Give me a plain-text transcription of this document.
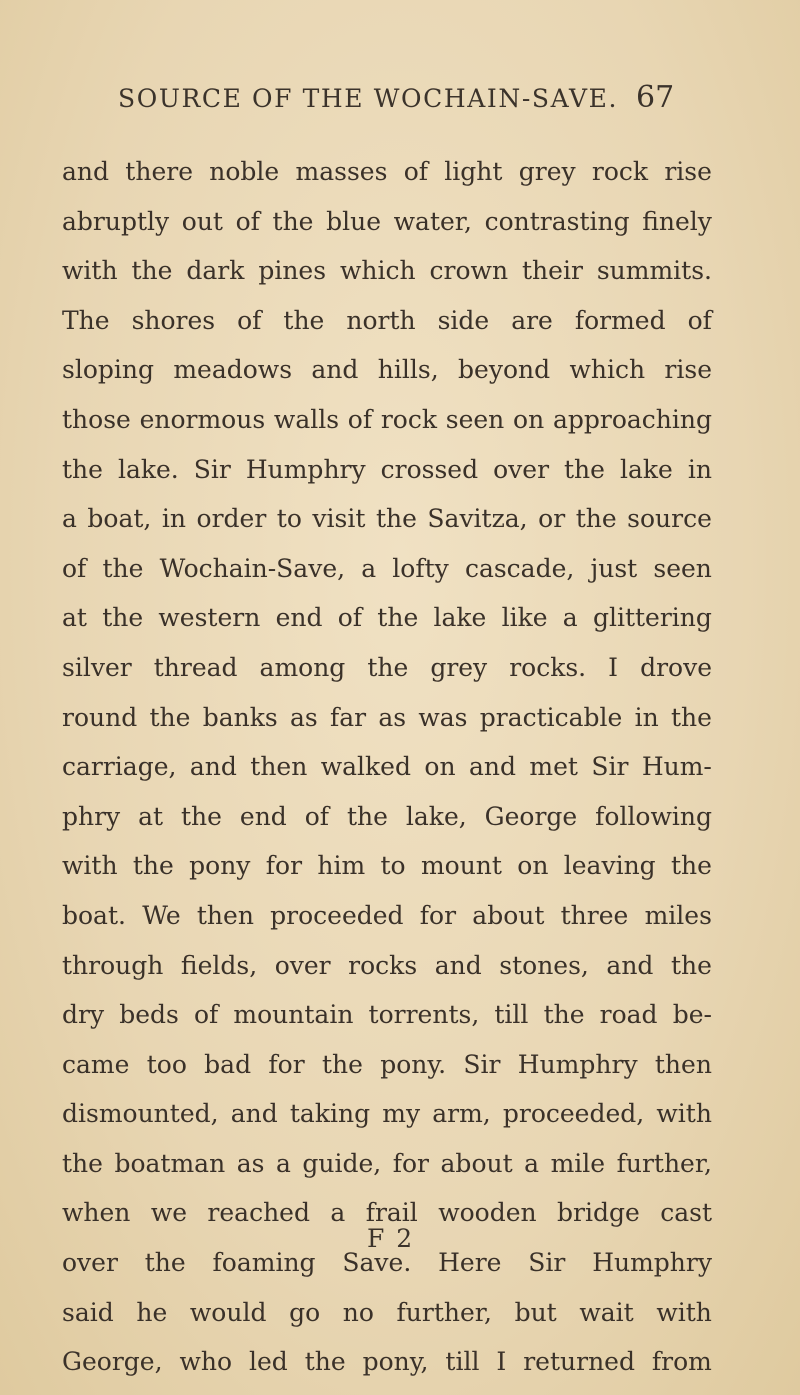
SOURCE OF THE WOCHAIN-SAVE. 67
and there noble masses of light grey rock rise
abruptly out of the blue water, contrasting finely
with the dark pines which crown their summits.
The shores of the north side are formed of
sloping meadows and hills, beyond which rise
those enormous walls of rock seen on approaching
the lake. Sir Humphry crossed over the lake in
a boat, in order to visit the Savitza, or the source
of the Wochain-Save, a lofty cascade, just seen
at the western end of the lake like a glittering
silver thread among the grey rocks. I drove
round the banks as far as was practicable in the
carriage, and then walked on and met Sir Hum-
phry at the end of the lake, George following
with the pony for him to mount on leaving the
boat. We then proceeded for about three miles
through fields, over rocks and stones, and the
dry beds of mountain torrents, till the road be-
came too bad for the pony. Sir Humphry then
dismounted, and taking my arm, proceeded, with
the boatman as a guide, for about a mile further,
when we reached a frail wooden bridge cast
over the foaming Save. Here Sir Humphry
said he would go no further, but wait with
George, who led the pony, till I returned from
F 2
